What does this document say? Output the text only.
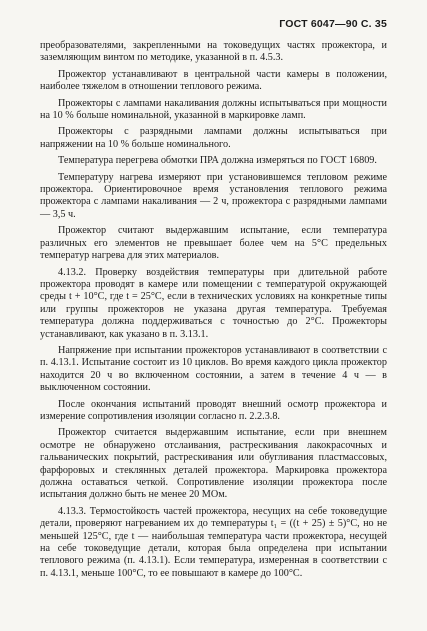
ГОСТ 6047—90 С. 35

преобразователями, закрепленными на токоведущих частях прожектора, и заземляющим винтом по методике, указанной в п. 4.5.3.

Прожектор устанавливают в центральной части камеры в положении, наиболее тяжелом в отношении теплового режима.

Прожекторы с лампами накаливания должны испытываться при мощности на 10 % больше номинальной, указанной в маркировке ламп.

Прожекторы с разрядными лампами должны испытываться при напряжении на 10 % больше номинального.

Температура перегрева обмотки ПРА должна измеряться по ГОСТ 16809.

Температуру нагрева измеряют при установившемся тепловом режиме прожектора. Ориентировочное время установления теплового режима прожектора с лампами накаливания — 2 ч, прожектора с разрядными лампами — 3,5 ч.

Прожектор считают выдержавшим испытание, если температура различных его элементов не превышает более чем на 5°С предельных температур нагрева для этих материалов.

4.13.2. Проверку воздействия температуры при длительной работе прожектора проводят в камере или помещении с температурой окружающей среды t + 10°С, где t = 25°С, если в технических условиях на конкретные типы или группы прожекторов не указана другая температура. Требуемая температура должна поддерживаться с точностью до 2°С. Прожекторы устанавливают, как указано в п. 3.13.1.

Напряжение при испытании прожекторов устанавливают в соответствии с п. 4.13.1. Испытание состоит из 10 циклов. Во время каждого цикла прожектор находится 20 ч во включенном состоянии, а затем в течение 4 ч — в выключенном состоянии.

После окончания испытаний проводят внешний осмотр прожектора и измерение сопротивления изоляции согласно п. 2.2.3.8.

Прожектор считается выдержавшим испытание, если при внешнем осмотре не обнаружено отслаивания, растрескивания лакокрасочных и гальванических покрытий, растрескивания или обугливания пластмассовых, фарфоровых и стеклянных деталей прожектора. Маркировка прожектора должна оставаться четкой. Сопротивление изоляции прожектора после испытания должно быть не менее 20 МОм.

4.13.3. Термостойкость частей прожектора, несущих на себе токоведущие детали, проверяют нагреванием их до температуры t₁ = ((t + 25) ± 5)°С, но не меньшей 125°С, где t — наибольшая температура части прожектора, несущей на себе токоведущие детали, которая была определена при испытании теплового режима (п. 4.13.1). Если температура, измеренная в соответствии с п. 4.13.1, меньше 100°С, то ее повышают в камере до 100°С.
